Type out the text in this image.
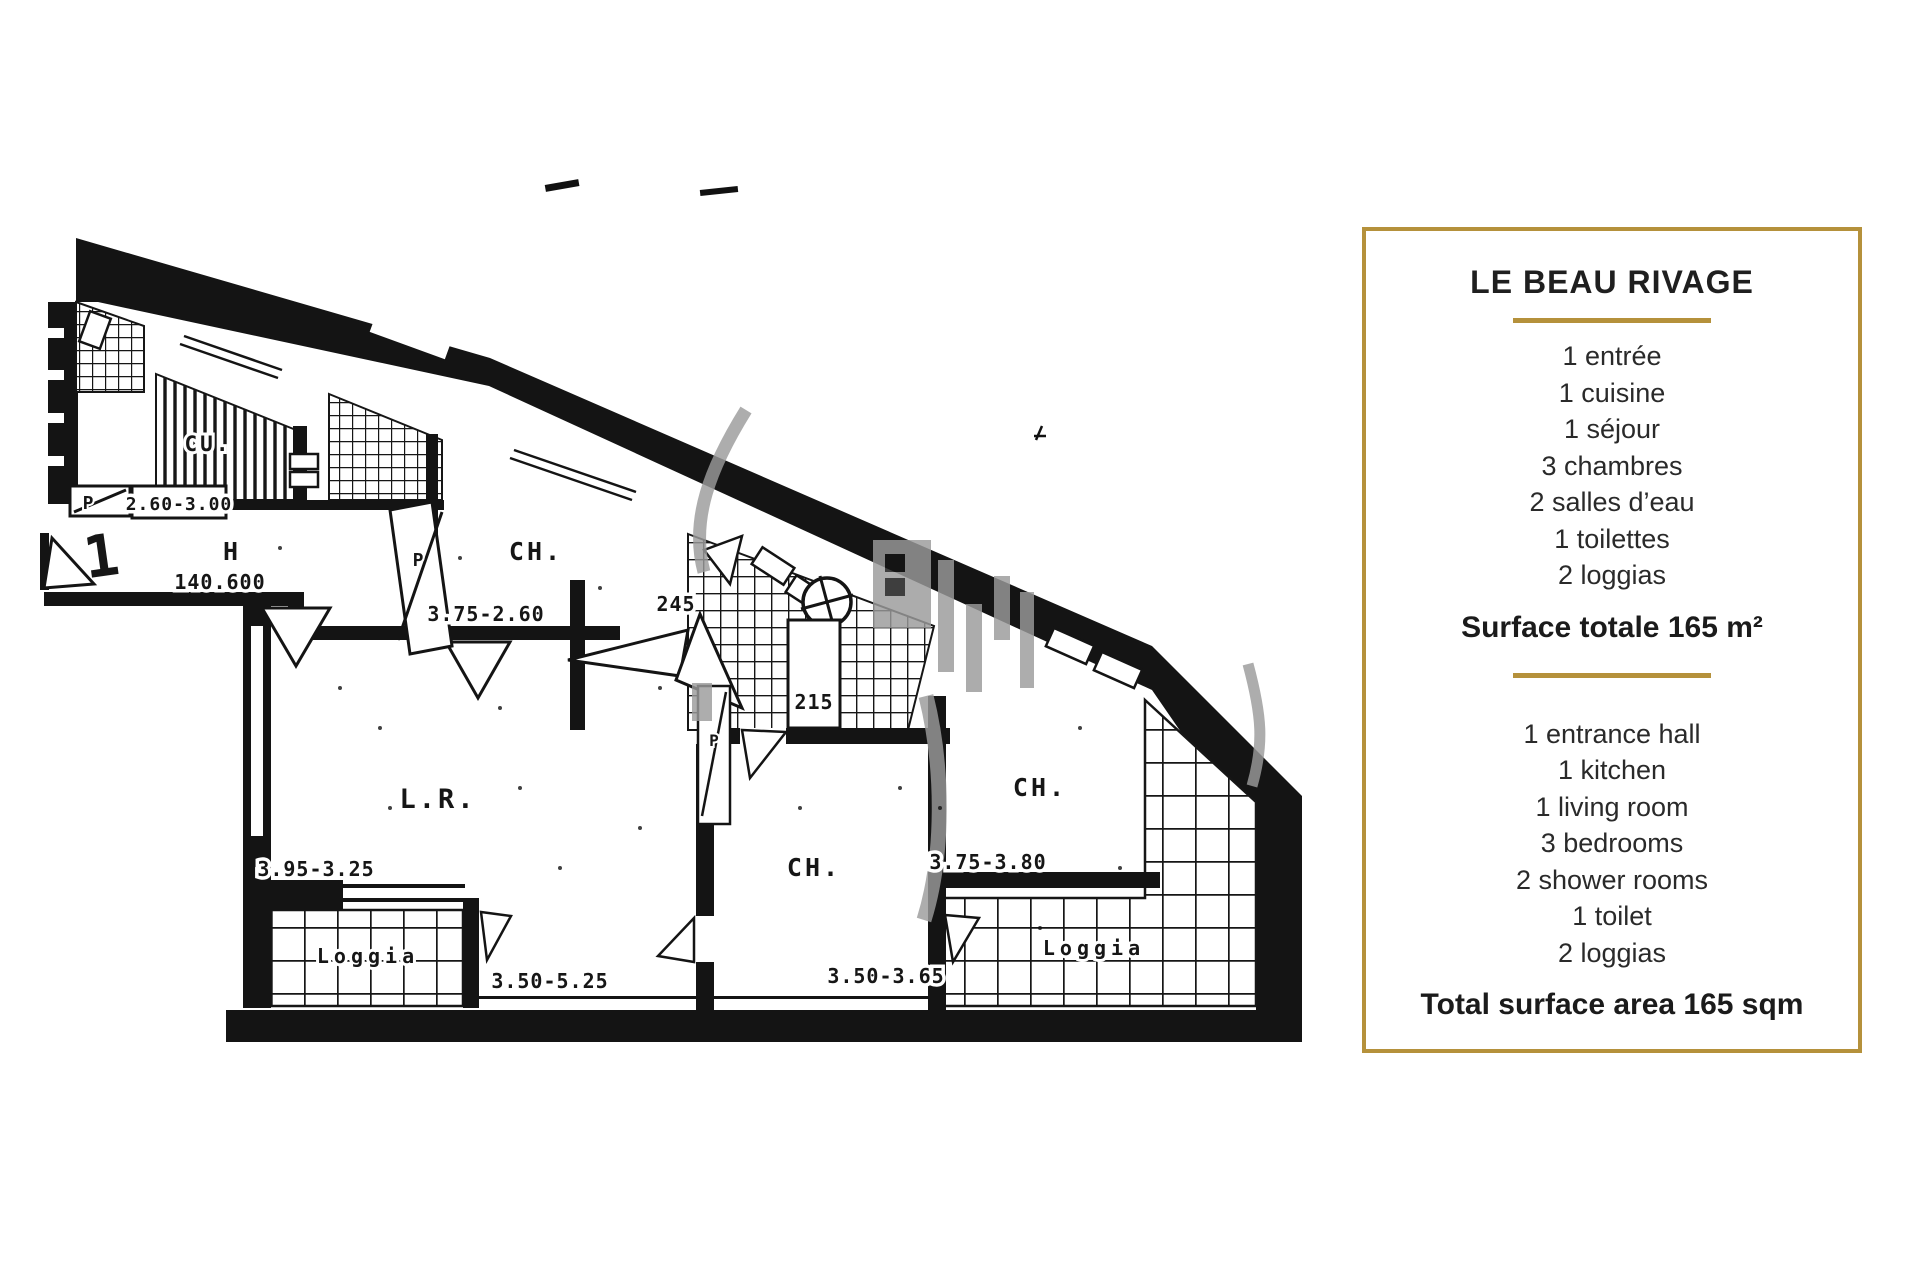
P 2.60-3.00
1
CU.
H
140.600
P	CH.
3.75-2.60	245
215
P
L.R.
3.95-3.25
3.50-5.25
CH.
3.50-3.65
CH.
3.75-3.80
Loggia	Loggia
LE BEAU RIVAGE
1 entrée
1 cuisine
1 séjour
3 chambres
2 salles d’eau
1 toilettes
2 loggias
Surface totale 165 m²
1 entrance hall
1 kitchen
1 living room
3 bedrooms
2 shower rooms
1 toilet
2 loggias
Total surface area 165 sqm
